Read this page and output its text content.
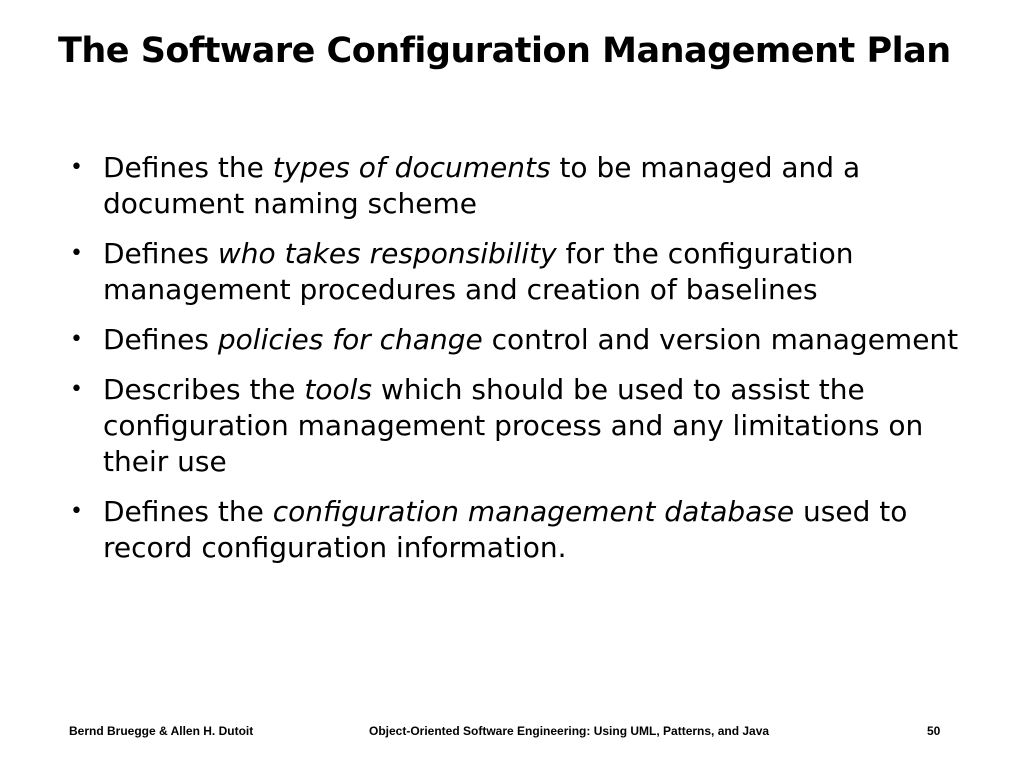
The Software Configuration Management Plan
• Defines the types of documents to be managed and a document naming scheme
• Defines who takes responsibility for the configuration management procedures and creation of baselines
• Defines policies for change control and version management
• Describes the tools which should be used to assist the configuration management process and any limitations on their use
• Defines the configuration management database used to record configuration information.
Bernd Bruegge & Allen H. Dutoit	Object-Oriented Software Engineering: Using UML, Patterns, and Java	50
